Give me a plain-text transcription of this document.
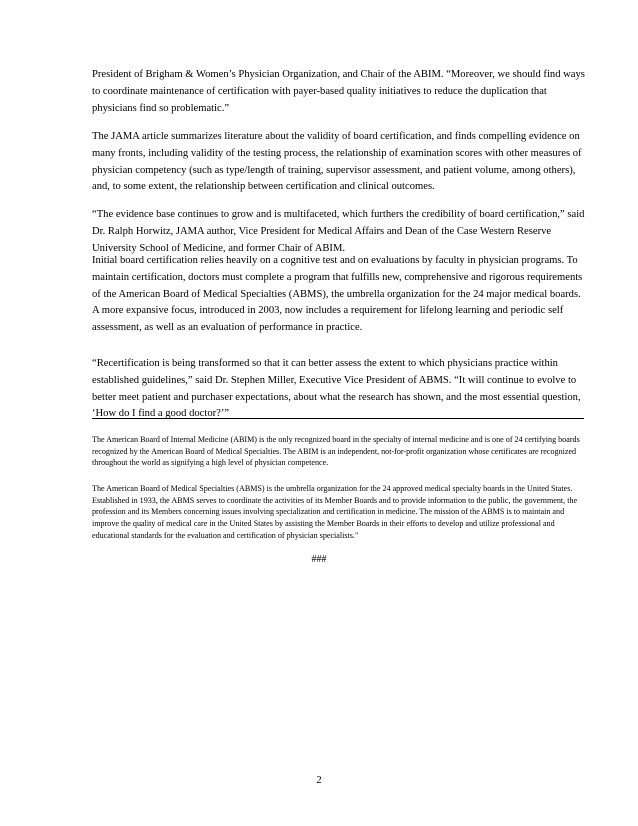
President of Brigham & Women’s Physician Organization, and Chair of the ABIM. “Moreover, we should find ways to coordinate maintenance of certification with payer-based quality initiatives to reduce the duplication that physicians find so problematic.”

The JAMA article summarizes literature about the validity of board certification, and finds compelling evidence on many fronts, including validity of the testing process, the relationship of examination scores with other measures of physician competency (such as type/length of training, supervisor assessment, and patient volume, among others), and, to some extent, the relationship between certification and clinical outcomes.

“The evidence base continues to grow and is multifaceted, which furthers the credibility of board certification,” said Dr. Ralph Horwitz, JAMA author, Vice President for Medical Affairs and Dean of the Case Western Reserve University School of Medicine, and former Chair of ABIM.

Initial board certification relies heavily on a cognitive test and on evaluations by faculty in physician programs. To maintain certification, doctors must complete a program that fulfills new, comprehensive and rigorous requirements of the American Board of Medical Specialties (ABMS), the umbrella organization for the 24 major medical boards. A more expansive focus, introduced in 2003, now includes a requirement for lifelong learning and periodic self assessment, as well as an evaluation of performance in practice.

“Recertification is being transformed so that it can better assess the extent to which physicians practice within established guidelines,” said Dr. Stephen Miller, Executive Vice President of ABMS. “It will continue to evolve to better meet patient and purchaser expectations, about what the research has shown, and the most essential question, ‘How do I find a good doctor?’”

The American Board of Internal Medicine (ABIM) is the only recognized board in the specialty of internal medicine and is one of 24 certifying boards recognized by the American Board of Medical Specialties. The ABIM is an independent, not-for-profit organization whose certificates are recognized throughout the world as signifying a high level of physician competence.

The American Board of Medical Specialties (ABMS) is the umbrella organization for the 24 approved medical specialty boards in the United States. Established in 1933, the ABMS serves to coordinate the activities of its Member Boards and to provide information to the public, the government, the profession and its Members concerning issues involving specialization and certification in medicine. The mission of the ABMS is to maintain and improve the quality of medical care in the United States by assisting the Member Boards in their efforts to develop and utilize professional and educational standards for the evaluation and certification of physician specialists."

###

2
